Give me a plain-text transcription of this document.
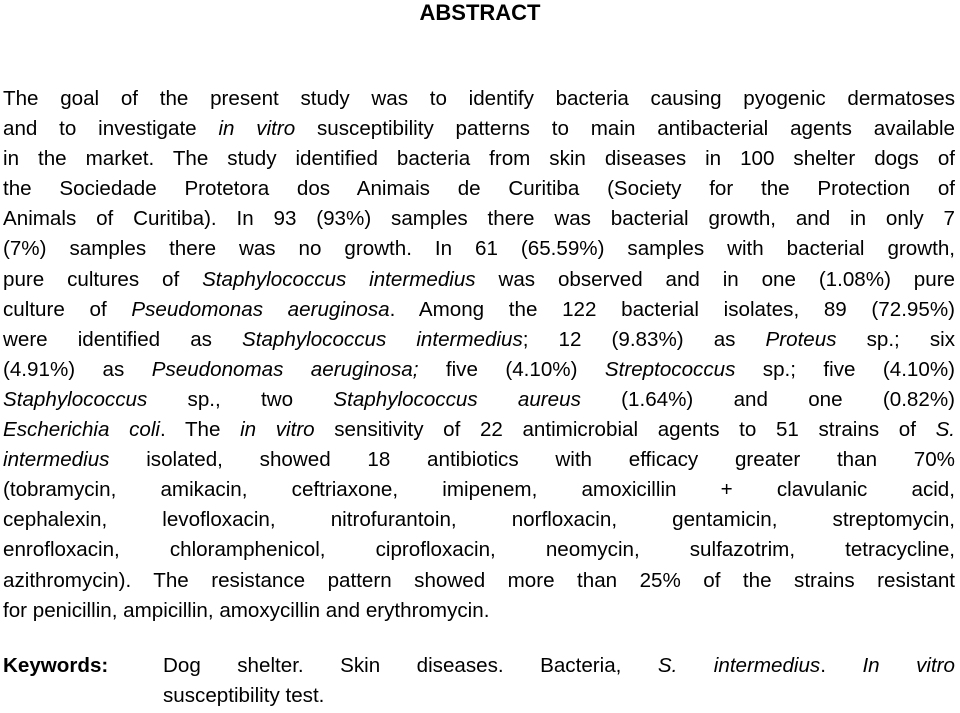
ABSTRACT
The goal of the present study was to identify bacteria causing pyogenic dermatoses
and to investigate in vitro susceptibility patterns to main antibacterial agents available
in the market. The study identified bacteria from skin diseases in 100 shelter dogs of
the Sociedade Protetora dos Animais de Curitiba (Society for the Protection of
Animals of Curitiba). In 93 (93%) samples there was bacterial growth, and in only 7
(7%) samples there was no growth. In 61 (65.59%) samples with bacterial growth,
pure cultures of Staphylococcus intermedius was observed and in one (1.08%) pure
culture of Pseudomonas aeruginosa. Among the 122 bacterial isolates, 89 (72.95%)
were identified as Staphylococcus intermedius; 12 (9.83%) as Proteus sp.; six
(4.91%) as Pseudonomas aeruginosa; five (4.10%) Streptococcus sp.; five (4.10%)
Staphylococcus sp., two Staphylococcus aureus (1.64%) and one (0.82%)
Escherichia coli. The in vitro sensitivity of 22 antimicrobial agents to 51 strains of S.
intermedius isolated, showed 18 antibiotics with efficacy greater than 70%
(tobramycin, amikacin, ceftriaxone, imipenem, amoxicillin + clavulanic acid,
cephalexin, levofloxacin, nitrofurantoin, norfloxacin, gentamicin, streptomycin,
enrofloxacin, chloramphenicol, ciprofloxacin, neomycin, sulfazotrim, tetracycline,
azithromycin). The resistance pattern showed more than 25% of the strains resistant
for penicillin, ampicillin, amoxycillin and erythromycin.
Keywords:	Dog shelter. Skin diseases. Bacteria, S. intermedius. In vitro
susceptibility test.
